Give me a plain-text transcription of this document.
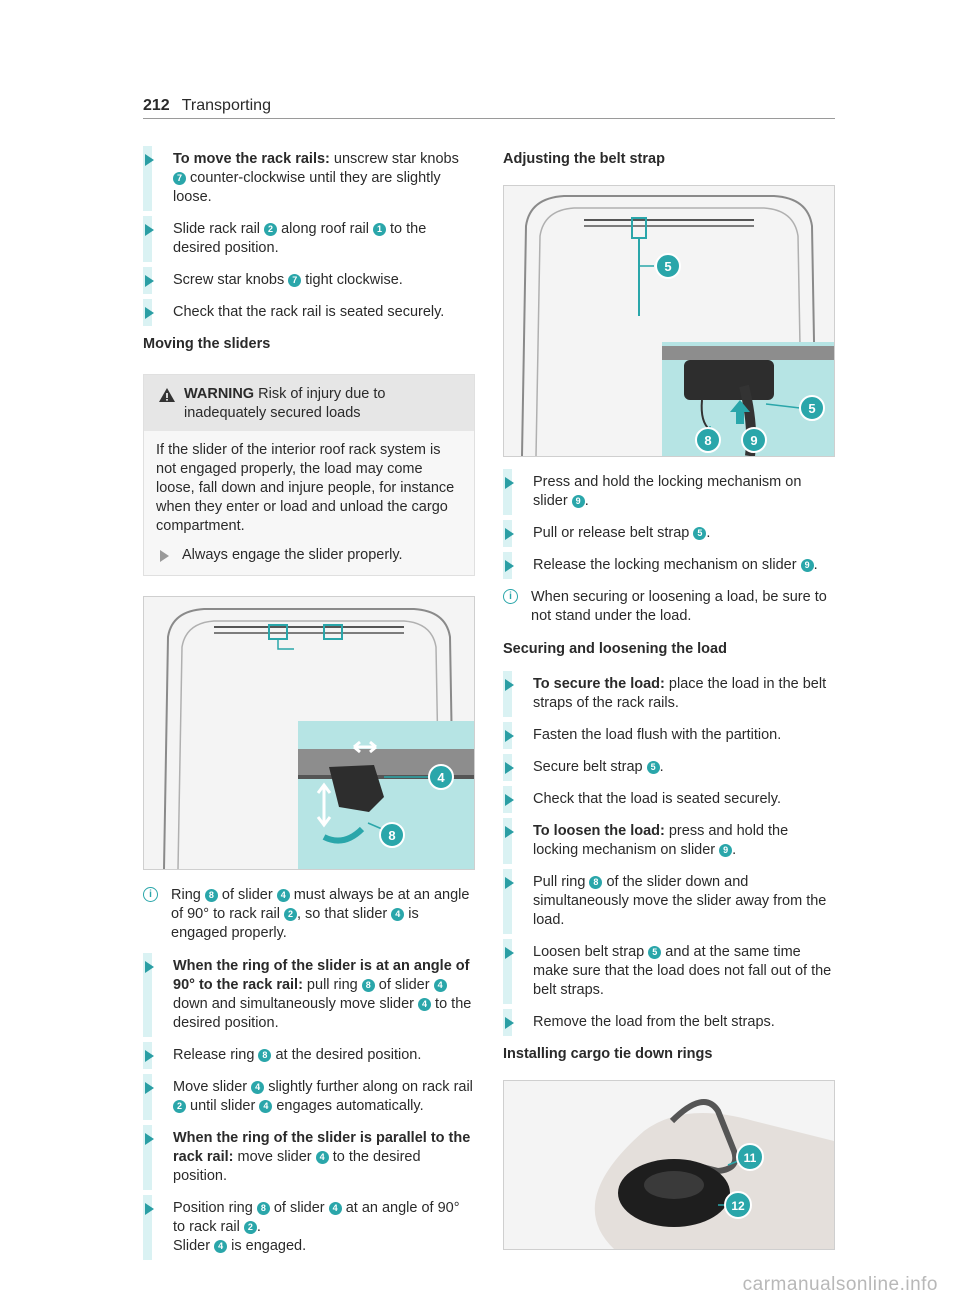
212 Transporting
To move the rack rails: unscrew star knobs 7 counter-clockwise until they are slightly loose.
Slide rack rail 2 along roof rail 1 to the desired position.
Screw star knobs 7 tight clockwise.
Check that the rack rail is seated securely.
Moving the sliders
WARNING Risk of injury due to inadequately secured loads
If the slider of the interior roof rack system is not engaged properly, the load may come loose, fall down and injure people, for instance when they enter or load and unload the cargo compartment.
Always engage the slider properly.
4
8
i	Ring 8 of slider 4 must always be at an angle of 90° to rack rail 2 , so that slider 4 is engaged properly.
When the ring of the slider is at an angle of 90° to the rack rail: pull ring 8 of slider 4 down and simultaneously move slider 4 to the desired position.
Release ring 8 at the desired position.
Move slider 4 slightly further along on rack rail 2 until slider 4 engages automatically.
When the ring of the slider is parallel to the rack rail: move slider 4 to the desired position.
Position ring 8 of slider 4 at an angle of 90° to rack rail 2 .
Slider 4 is engaged.
Adjusting the belt strap
5
8	9
5
Press and hold the locking mechanism on slider 9 .
Pull or release belt strap 5 .
Release the locking mechanism on slider 9 .
i	When securing or loosening a load, be sure to not stand under the load.
Securing and loosening the load
To secure the load: place the load in the belt straps of the rack rails.
Fasten the load flush with the partition.
Secure belt strap 5 .
Check that the load is seated securely.
To loosen the load: press and hold the locking mechanism on slider 9 .
Pull ring 8 of the slider down and simultaneously move the slider away from the load.
Loosen belt strap 5 and at the same time make sure that the load does not fall out of the belt straps.
Remove the load from the belt straps.
Installing cargo tie down rings
11
12
carmanualsonline.info
